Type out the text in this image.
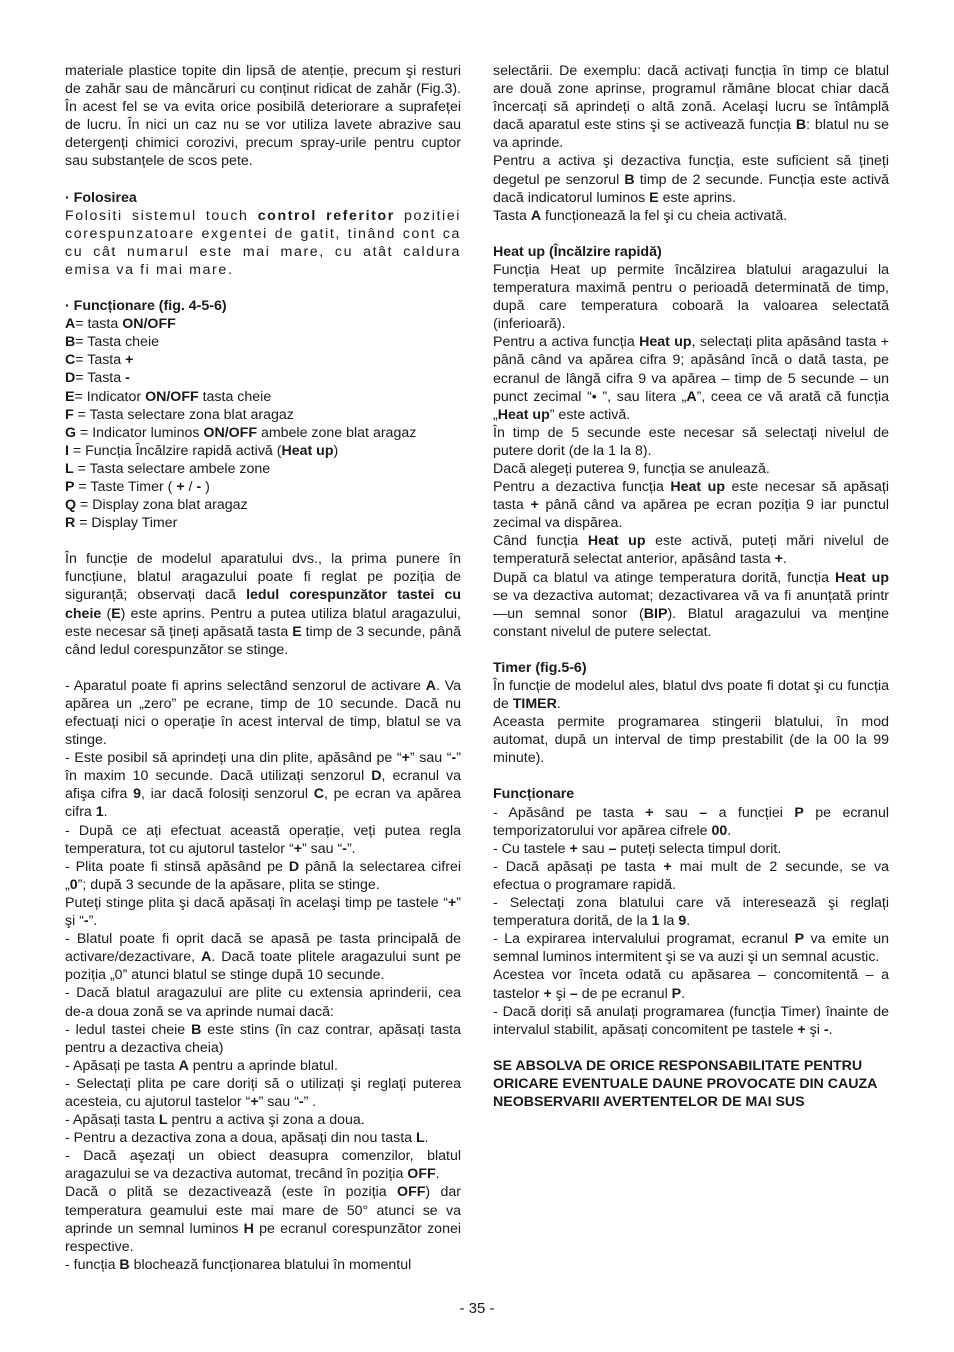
materiale plastice topite din lipsă de atenție, precum şi resturi de zahăr sau de mâncăruri cu conținut ridicat de zahăr (Fig.3). În acest fel se va evita orice posibilă deteriorare a suprafeței de lucru. În nici un caz nu se vor utiliza lavete abrazive sau detergenți chimici corozivi, precum spray-urile pentru cuptor sau substanțele de scos pete.

· Folosirea

Folositi sistemul touch control referitor pozitiei corespunzatoare exgentei de gatit, tinând cont ca cu cât numarul este mai mare, cu atât caldura emisa va fi mai mare.

· Funcționare (fig. 4-5-6)

A= tasta ON/OFF

B= Tasta cheie

C= Tasta +

D= Tasta -

E= Indicator ON/OFF tasta cheie

F = Tasta selectare zona blat aragaz

G = Indicator luminos ON/OFF ambele zone blat aragaz

I = Funcția Încălzire rapidă activă (Heat up)

L = Tasta selectare ambele zone

P = Taste Timer ( + / - )

Q = Display zona blat aragaz

R = Display Timer

În funcție de modelul aparatului dvs., la prima punere în funcțiune, blatul aragazului poate fi reglat pe poziția de siguranță; observați dacă ledul corespunzător tastei cu cheie (E) este aprins. Pentru a putea utiliza blatul aragazului, este necesar să țineți apăsată tasta E timp de 3 secunde, până când ledul corespunzător se stinge.

- Aparatul poate fi aprins selectând senzorul de activare A. Va apărea un „zero” pe ecrane, timp de 10 secunde. Dacă nu efectuați nici o operație în acest interval de timp, blatul se va stinge.

- Este posibil să aprindeți una din plite, apăsând pe “+” sau “-” în maxim 10 secunde. Dacă utilizați senzorul D, ecranul va afişa cifra 9, iar dacă folosiți senzorul C, pe ecran va apărea cifra 1.

- După ce ați efectuat această operație, veți putea regla temperatura, tot cu ajutorul tastelor “+” sau “-”.

- Plita poate fi stinsă apăsând pe D până la selectarea cifrei „0”; după 3 secunde de la apăsare, plita se stinge.

Puteți stinge plita şi dacă apăsați în acelaşi timp pe tastele “+” şi “-”.

- Blatul poate fi oprit dacă se apasă pe tasta principală de activare/dezactivare, A. Dacă toate plitele aragazului sunt pe poziția „0” atunci blatul se stinge după 10 secunde.

- Dacă blatul aragazului are plite cu extensia aprinderii, cea de-a doua zonă se va aprinde numai dacă:

- ledul tastei cheie B este stins (în caz contrar, apăsați tasta pentru a dezactiva cheia)

- Apăsați pe tasta A pentru a aprinde blatul.

- Selectați plita pe care doriți să o utilizați şi reglați puterea acesteia, cu ajutorul tastelor “+” sau “-” .

- Apăsați tasta L pentru a activa şi zona a doua.

- Pentru a dezactiva zona a doua, apăsați din nou tasta L.

- Dacă aşezați un obiect deasupra comenzilor, blatul aragazului se va dezactiva automat, trecând în poziția OFF.

Dacă o plită se dezactivează (este în poziția OFF) dar temperatura geamului este mai mare de 50° atunci se va aprinde un semnal luminos H pe ecranul corespunzător zonei respective.

- funcția B blochează funcționarea blatului în momentul

selectării. De exemplu: dacă activați funcția în timp ce blatul are două zone aprinse, programul rămâne blocat chiar dacă încercați să aprindeți o altă zonă. Acelaşi lucru se întâmplă dacă aparatul este stins şi se activează funcția B: blatul nu se va aprinde.

Pentru a activa şi dezactiva funcția, este suficient să țineți degetul pe senzorul B timp de 2 secunde. Funcția este activă dacă indicatorul luminos E este aprins.

Tasta A funcționează la fel şi cu cheia activată.

Heat up (Încălzire rapidă)

Funcția Heat up permite încălzirea blatului aragazului la temperatura maximă pentru o perioadă determinată de timp, după care temperatura coboară la valoarea selectată (inferioară).

Pentru a activa funcția Heat up, selectați plita apăsând tasta + până când va apărea cifra 9; apăsând încă o dată tasta, pe ecranul de lângă cifra 9 va apărea – timp de 5 secunde – un punct zecimal “• ”, sau litera „A”, ceea ce vă arată că funcția „Heat up” este activă.

În timp de 5 secunde este necesar să selectați nivelul de putere dorit (de la 1 la 8).

Dacă alegeți puterea 9, funcția se anulează.

Pentru a dezactiva funcția Heat up este necesar să apăsați tasta + până când va apărea pe ecran poziția 9 iar punctul zecimal va dispărea.

Când funcția Heat up este activă, puteți mări nivelul de temperatură selectat anterior, apăsând tasta +.

După ca blatul va atinge temperatura dorită, funcția Heat up se va dezactiva automat; dezactivarea vă va fi anunțată printr—un semnal sonor (BIP). Blatul aragazului va menține constant nivelul de putere selectat.

Timer (fig.5-6)

În funcție de modelul ales, blatul dvs poate fi dotat şi cu funcția de TIMER.

Aceasta permite programarea stingerii blatului, în mod automat, după un interval de timp prestabilit (de la 00 la 99 minute).

Funcționare

- Apăsând pe tasta + sau – a funcției P pe ecranul temporizatorului vor apărea cifrele 00.

- Cu tastele + sau – puteți selecta timpul dorit.

- Dacă apăsați pe tasta + mai mult de 2 secunde, se va efectua o programare rapidă.

- Selectați zona blatului care vă interesează şi reglați temperatura dorită, de la 1 la 9.

- La expirarea intervalului programat, ecranul P va emite un semnal luminos intermitent şi se va auzi şi un semnal acustic.

Acestea vor înceta odată cu apăsarea – concomitentă – a tastelor + şi – de pe ecranul P.

- Dacă doriți să anulați programarea (funcția Timer) înainte de intervalul stabilit, apăsați concomitent pe tastele + şi -.

SE ABSOLVA DE ORICE RESPONSABILITATE PENTRU ORICARE EVENTUALE DAUNE PROVOCATE DIN CAUZA NEOBSERVARII AVERTENTELOR DE MAI SUS

- 35 -
